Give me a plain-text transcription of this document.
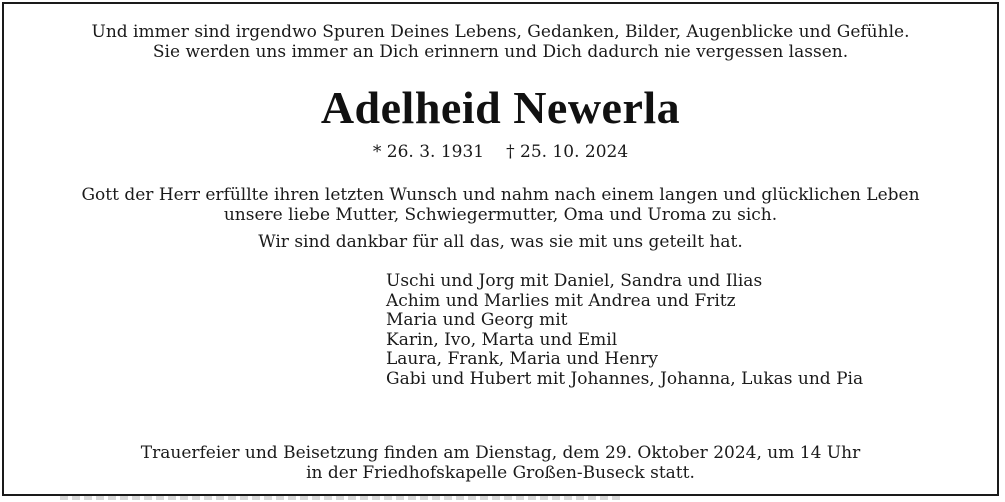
Und immer sind irgendwo Spuren Deines Lebens, Gedanken, Bilder, Augenblicke und Gefühle.
Sie werden uns immer an Dich erinnern und Dich dadurch nie vergessen lassen.
Adelheid Newerla
* 26. 3. 1931 † 25. 10. 2024
Gott der Herr erfüllte ihren letzten Wunsch und nahm nach einem langen und glücklichen Leben
unsere liebe Mutter, Schwiegermutter, Oma und Uroma zu sich.
Wir sind dankbar für all das, was sie mit uns geteilt hat.
Uschi und Jorg mit Daniel, Sandra und Ilias
Achim und Marlies mit Andrea und Fritz
Maria und Georg mit
Karin, Ivo, Marta und Emil
Laura, Frank, Maria und Henry
Gabi und Hubert mit Johannes, Johanna, Lukas und Pia
Trauerfeier und Beisetzung finden am Dienstag, dem 29. Oktober 2024, um 14 Uhr
in der Friedhofskapelle Großen-Buseck statt.
